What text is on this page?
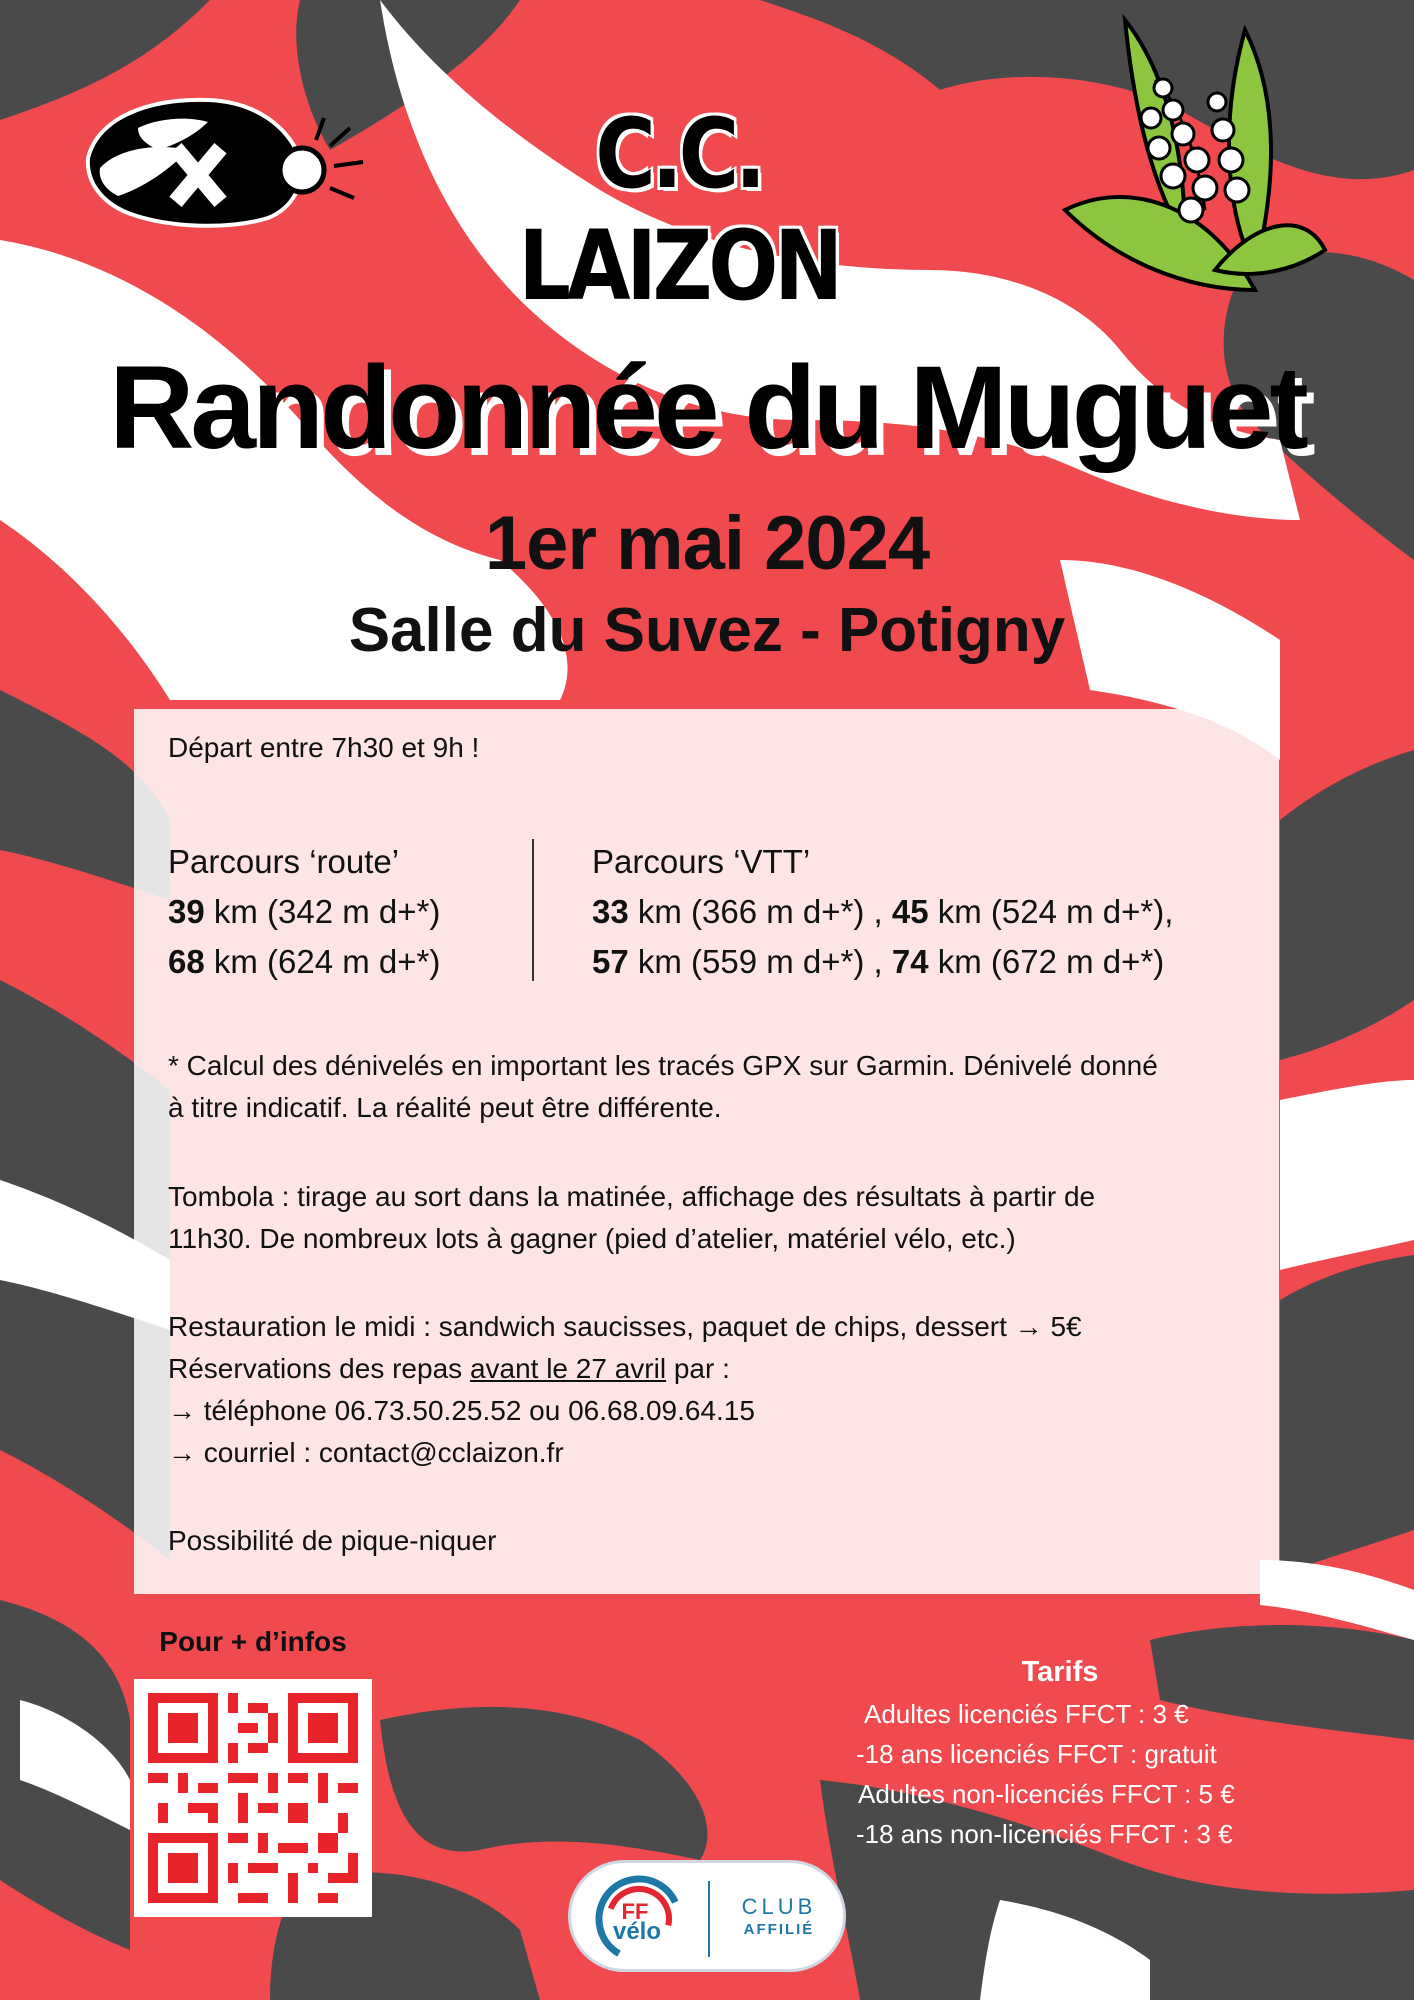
C.C. LAIZON
Randonnée du Muguet
1er mai 2024
Salle du Suvez - Potigny
Départ entre 7h30 et 9h !
Parcours ‘route’
39 km (342 m d+*)
68 km (624 m d+*)
Parcours ‘VTT’
33 km (366 m d+*) , 45 km (524 m d+*),
57 km (559 m d+*) , 74 km (672 m d+*)
* Calcul des dénivelés en important les tracés GPX sur Garmin. Dénivelé donné
à titre indicatif. La réalité peut être différente.
Tombola : tirage au sort dans la matinée, affichage des résultats à partir de
11h30. De nombreux lots à gagner (pied d’atelier, matériel vélo, etc.)
Restauration le midi : sandwich saucisses, paquet de chips, dessert → 5€
Réservations des repas avant le 27 avril par :
→ téléphone 06.73.50.25.52 ou 06.68.09.64.15
→ courriel : contact@cclaizon.fr
Possibilité de pique-niquer
Pour + d’infos
Tarifs
Adultes licenciés FFCT : 3 €
-18 ans licenciés FFCT : gratuit
Adultes non-licenciés FFCT : 5 €
-18 ans non-licenciés FFCT : 3 €
FF
vélo
CLUB
AFFILIÉ
